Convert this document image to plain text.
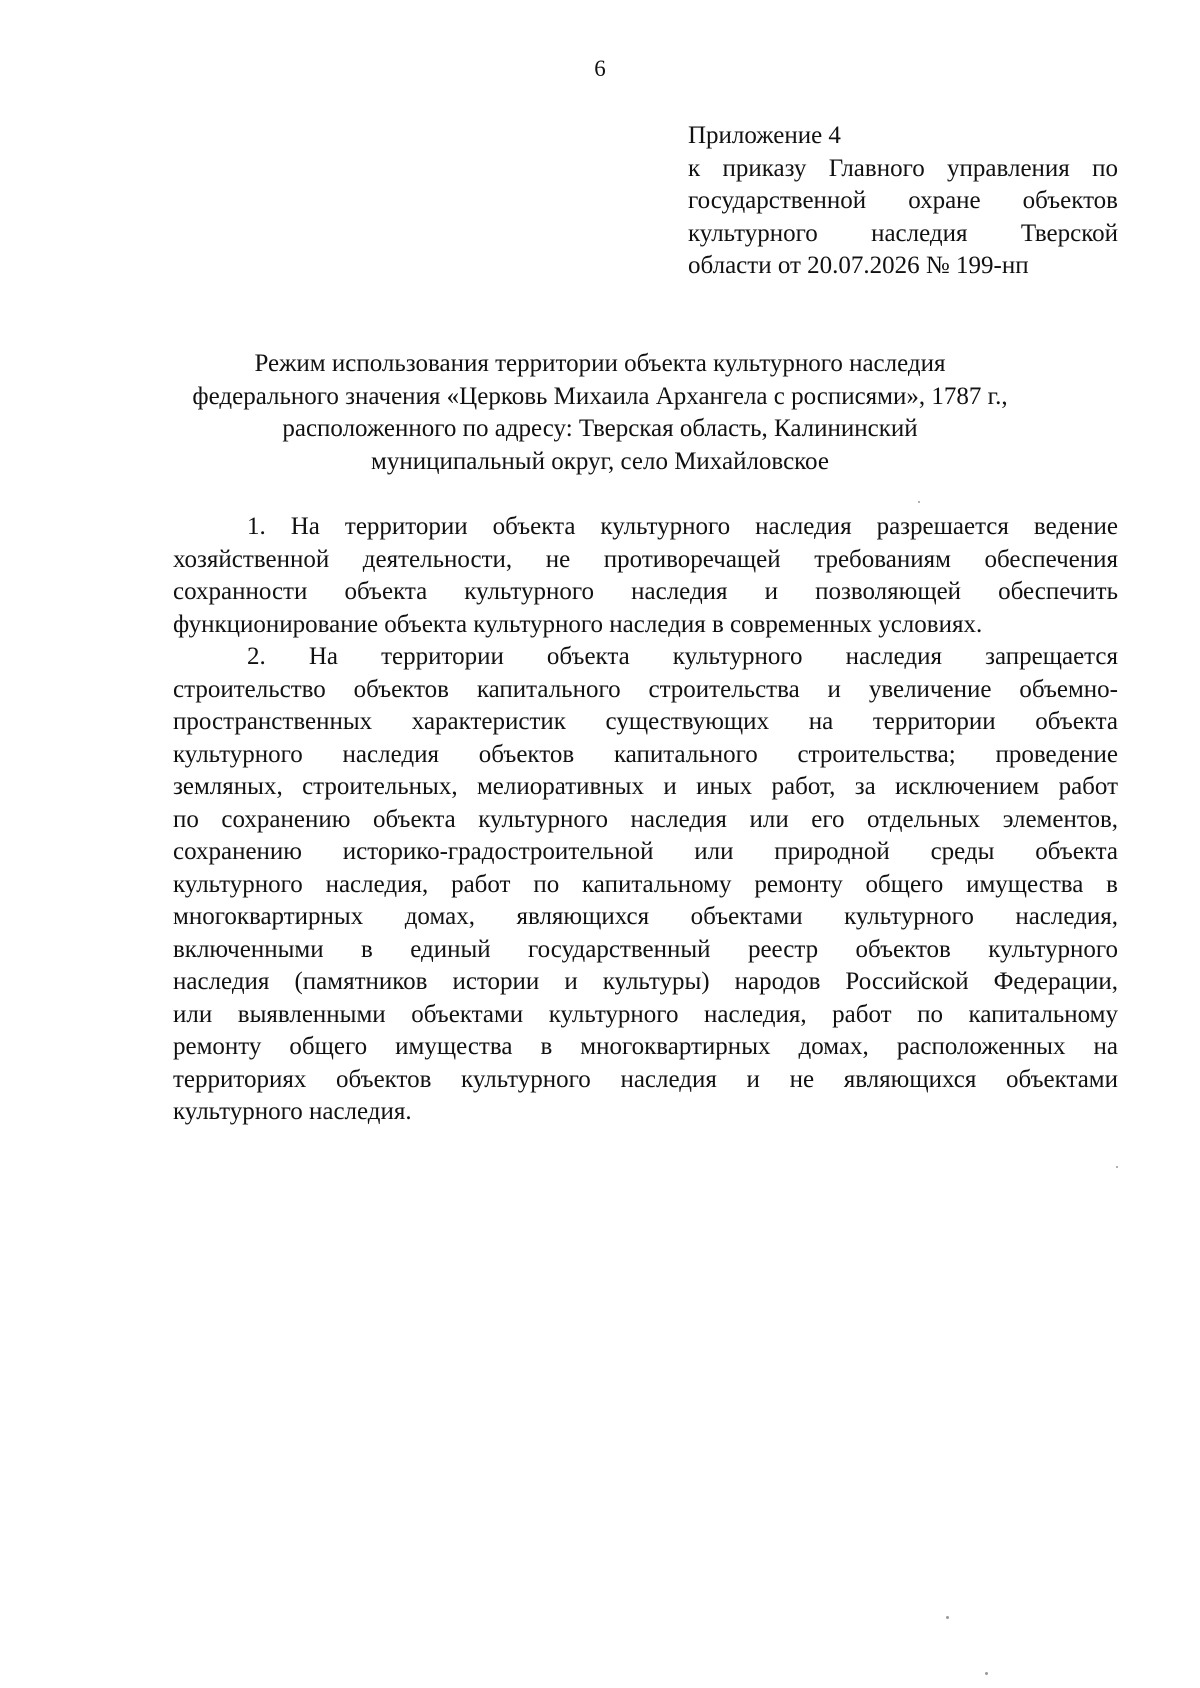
6
Приложение 4
к приказу Главного управления по
государственной охране объектов
культурного наследия Тверской
области от 20.07.2026 № 199-нп
Режим использования территории объекта культурного наследия
федерального значения «Церковь Михаила Архангела с росписями», 1787 г.,
расположенного по адресу: Тверская область, Калининский
муниципальный округ, село Михайловское
1. На территории объекта культурного наследия разрешается ведение
хозяйственной деятельности, не противоречащей требованиям обеспечения
сохранности объекта культурного наследия и позволяющей обеспечить
функционирование объекта культурного наследия в современных условиях.
2. На территории объекта культурного наследия запрещается
строительство объектов капитального строительства и увеличение объемно-
пространственных характеристик существующих на территории объекта
культурного наследия объектов капитального строительства; проведение
земляных, строительных, мелиоративных и иных работ, за исключением работ
по сохранению объекта культурного наследия или его отдельных элементов,
сохранению историко-градостроительной или природной среды объекта
культурного наследия, работ по капитальному ремонту общего имущества в
многоквартирных домах, являющихся объектами культурного наследия,
включенными в единый государственный реестр объектов культурного
наследия (памятников истории и культуры) народов Российской Федерации,
или выявленными объектами культурного наследия, работ по капитальному
ремонту общего имущества в многоквартирных домах, расположенных на
территориях объектов культурного наследия и не являющихся объектами
культурного наследия.
